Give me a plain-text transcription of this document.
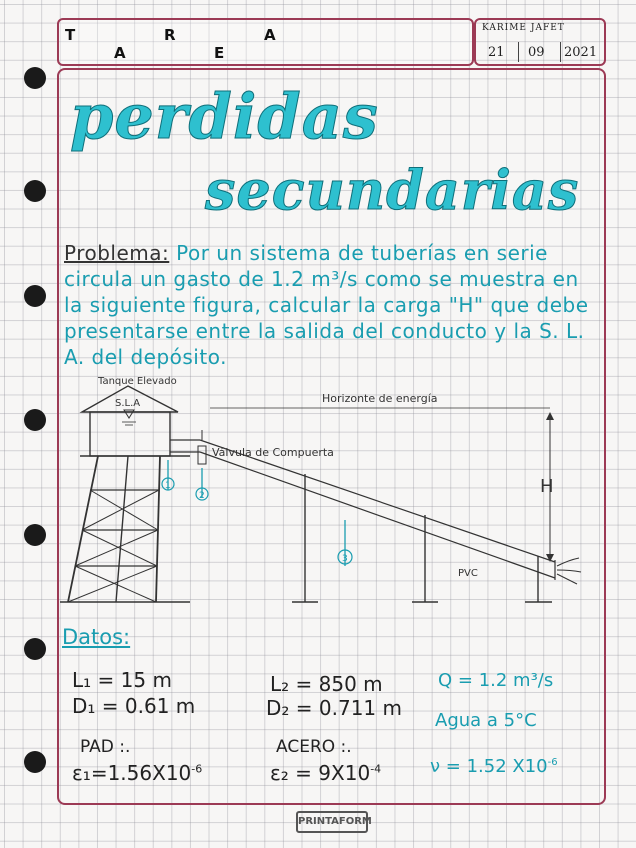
T	R	A
A	E
KARIME JAFET
21 09 2021
perdidas
secundarias
Problema: Por un sistema de tuberías en serie circula un gasto de 1.2 m³/s como se muestra en la siguiente figura, calcular la carga "H" que debe presentarse entre la salida del conducto y la S. L. A. del depósito.
Tanque Elevado
S.L.A
Válvula de Compuerta
Horizonte de energía
H
1
2
3
PVC
Datos:
L₁ = 15 m
D₁ = 0.61 m
PAD :.
$\varepsilon_1=1.56X10^{-6}$
L₂ = 850 m
D₂ = 0.711 m
ACERO :.
$\varepsilon_2 = 9X10^{-4}$
Q = 1.2 m³/s
Agua a 5°C
ν = 1.52 $X10^{-6}$
PRINTAFORM
